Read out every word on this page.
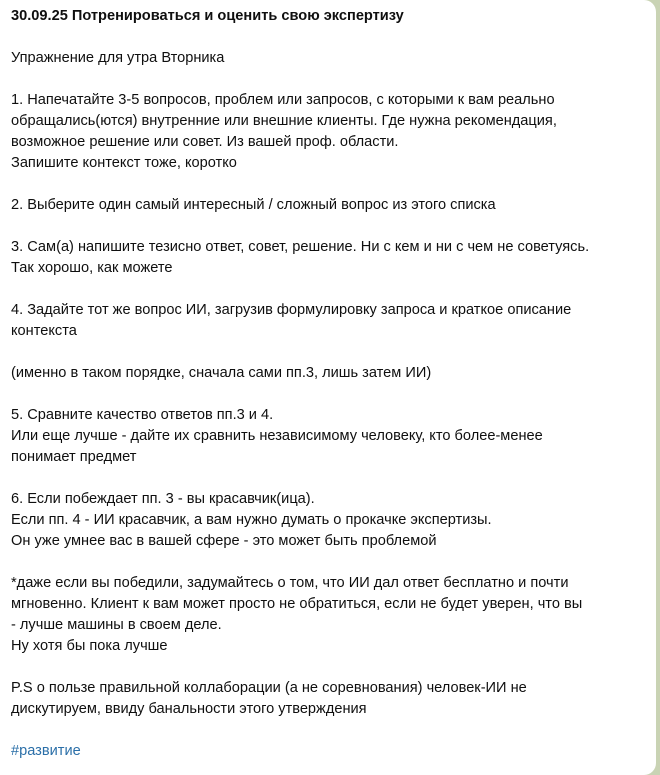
30.09.25 Потренироваться и оценить свою экспертизу
Упражнение для утра Вторника
1. Напечатайте 3-5 вопросов, проблем или запросов, с которыми к вам реально
обращались(ются) внутренние или внешние клиенты. Где нужна рекомендация,
возможное решение или совет. Из вашей проф. области.
Запишите контекст тоже, коротко
2. Выберите один самый интересный / сложный вопрос из этого списка
3. Сам(а) напишите тезисно ответ, совет, решение. Ни с кем и ни с чем не советуясь.
Так хорошо, как можете
4. Задайте тот же вопрос ИИ, загрузив формулировку запроса и краткое описание
контекста
(именно в таком порядке, сначала сами пп.3, лишь затем ИИ)
5. Сравните качество ответов пп.3 и 4.
Или еще лучше - дайте их сравнить независимому человеку, кто более-менее
понимает предмет
6. Если побеждает пп. 3 - вы красавчик(ица).
Если пп. 4 - ИИ красавчик, а вам нужно думать о прокачке экспертизы.
Он уже умнее вас в вашей сфере - это может быть проблемой
*даже если вы победили, задумайтесь о том, что ИИ дал ответ бесплатно и почти
мгновенно. Клиент к вам может просто не обратиться, если не будет уверен, что вы
- лучше машины в своем деле.
Ну хотя бы пока лучше
P.S о пользе правильной коллаборации (а не соревнования) человек-ИИ не
дискутируем, ввиду банальности этого утверждения
#развитие
